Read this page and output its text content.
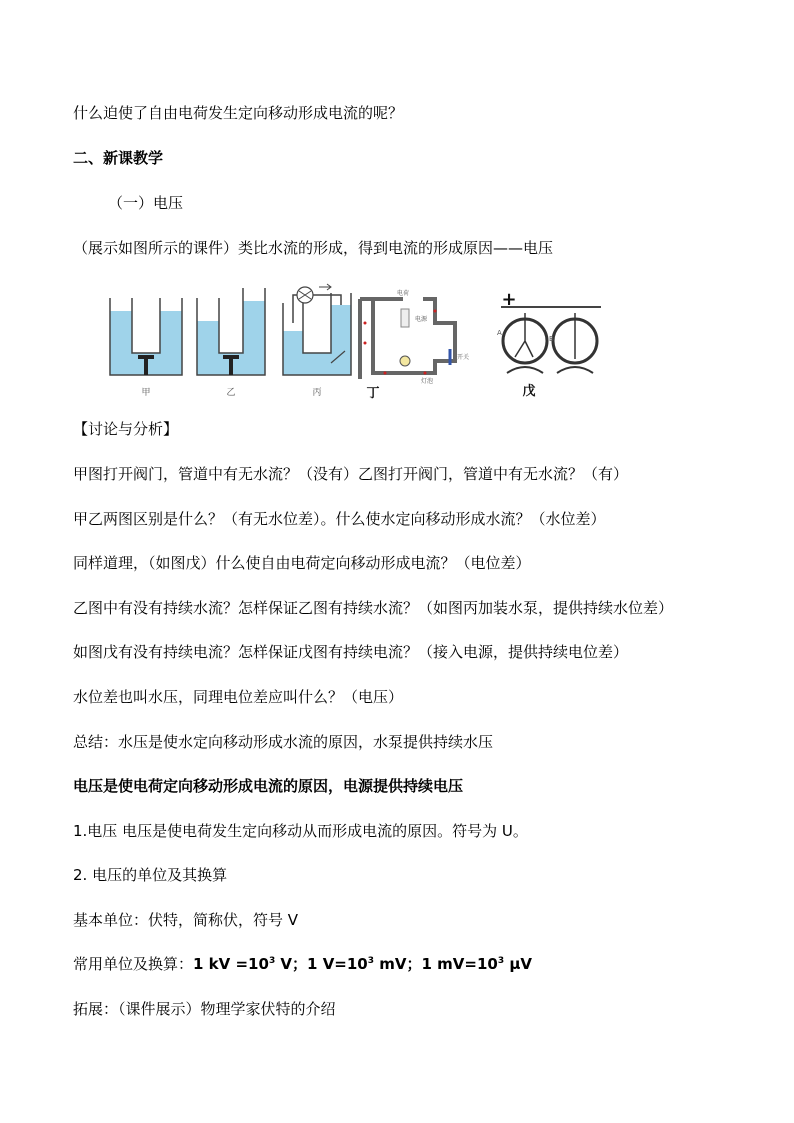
什么迫使了自由电荷发生定向移动形成电流的呢？
二、新课教学
（一）电压
（展示如图所示的课件）类比水流的形成，得到电流的形成原因——电压
甲	乙	丙
电荷
电源
灯泡
开关
丁
+
A
B
戊
【讨论与分析】
甲图打开阀门，管道中有无水流？（没有）乙图打开阀门，管道中有无水流？（有）
甲乙两图区别是什么？（有无水位差）。什么使水定向移动形成水流？（水位差）
同样道理，（如图戊）什么使自由电荷定向移动形成电流？（电位差）
乙图中有没有持续水流？怎样保证乙图有持续水流？（如图丙加装水泵，提供持续水位差）
如图戊有没有持续电流？怎样保证戊图有持续电流？（接入电源，提供持续电位差）
水位差也叫水压，同理电位差应叫什么？（电压）
总结：水压是使水定向移动形成水流的原因，水泵提供持续水压
电压是使电荷定向移动形成电流的原因，电源提供持续电压
1.电压 电压是使电荷发生定向移动从而形成电流的原因。符号为 U。
2. 电压的单位及其换算
基本单位：伏特，简称伏，符号 V
常用单位及换算：1 kV $=10^3$ V；1 $V=10^3$ mV；1 $mV=10^3$ μV
拓展：（课件展示）物理学家伏特的介绍
